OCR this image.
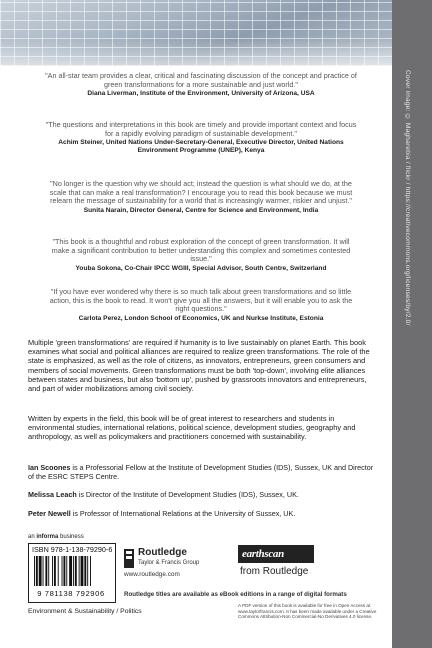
Cover image: © Magharebia / flickr / https://creativecommons.org/licenses/by/2.0/

"An all-star team provides a clear, critical and fascinating discussion of the concept and practice of green transformations for a more sustainable and just world."

Diana Liverman, Institute of the Environment, University of Arizona, USA

"The questions and interpretations in this book are timely and provide important context and focus for a rapidly evolving paradigm of sustainable development."

Achim Steiner, United Nations Under-Secretary-General, Executive Director, United Nations Environment Programme (UNEP), Kenya

"No longer is the question why we should act; instead the question is what should we do, at the scale that can make a real transformation? I encourage you to read this book because we must relearn the message of sustainability for a world that is increasingly warmer, riskier and unjust."

Sunita Narain, Director General, Centre for Science and Environment, India

"This book is a thoughtful and robust exploration of the concept of green transformation. It will make a significant contribution to better understanding this complex and sometimes contested issue."

Youba Sokona, Co-Chair IPCC WGIII, Special Advisor, South Centre, Switzerland

"If you have ever wondered why there is so much talk about green transformations and so little action, this is the book to read. It won't give you all the answers, but it will enable you to ask the right questions."

Carlota Perez, London School of Economics, UK and Nurkse Institute, Estonia

Multiple 'green transformations' are required if humanity is to live sustainably on planet Earth. This book examines what social and political alliances are required to realize green transformations. The role of the state is emphasized, as well as the role of citizens, as innovators, entrepreneurs, green consumers and members of social movements. Green transformations must be both 'top-down', involving elite alliances between states and business, but also 'bottom up', pushed by grassroots innovators and entrepreneurs, and part of wider mobilizations among civil society.

Written by experts in the field, this book will be of great interest to researchers and students in environmental studies, international relations, political science, development studies, geography and anthropology, as well as policymakers and practitioners concerned with sustainability.

Ian Scoones is a Professorial Fellow at the Institute of Development Studies (IDS), Sussex, UK and Director of the ESRC STEPS Centre.

Melissa Leach is Director of the Institute of Development Studies (IDS), Sussex, UK.

Peter Newell is Professor of International Relations at the University of Sussex, UK.

an informa business
ISBN 978-1-138-79290-6
9 781138 792906
Routledge
Taylor & Francis Group
www.routledge.com
earthscan
from Routledge
Routledge titles are available as eBook editions in a range of digital formats

A PDF version of this book is available for free in Open Access at www.taylorfrancis.com. It has been made available under a Creative Commons Attribution-Non Commercial-No Derivatives 4.0 license.

Environment & Sustainability / Politics
